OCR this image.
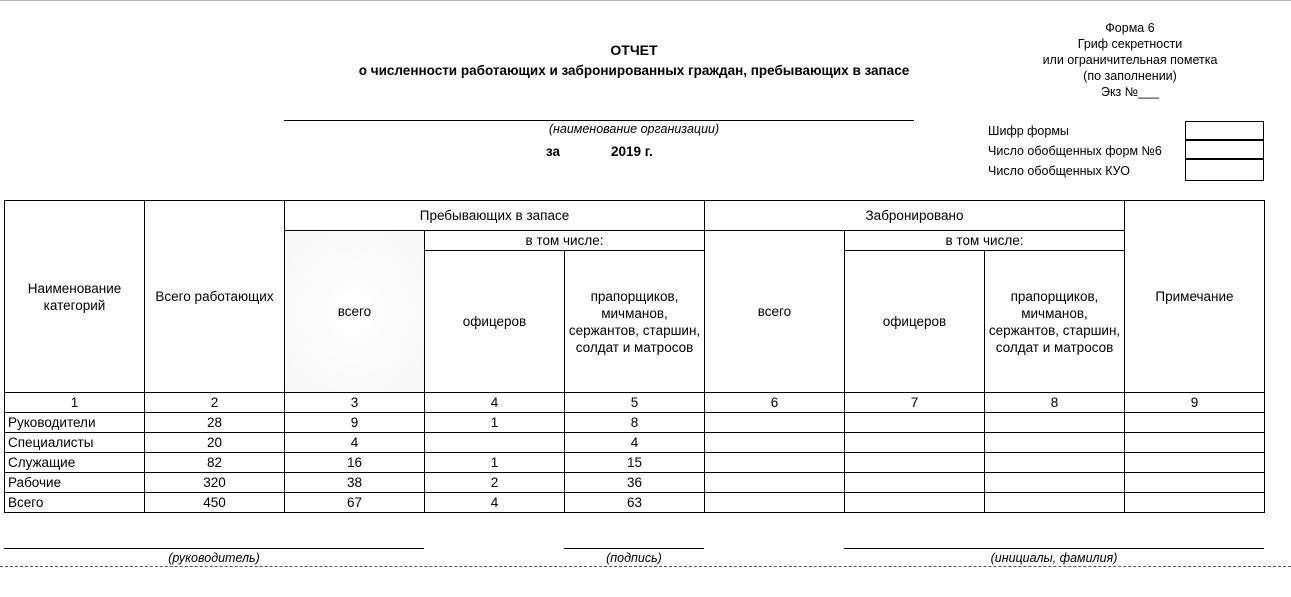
Форма 6
Гриф секретности
или ограничительная пометка
(по заполнении)
Экз №___
ОТЧЕТ
о численности работающих и забронированных граждан, пребывающих в запасе
(наименование организации)
за	2019 г.
Шифр формы
Число обобщенных форм №6
Число обобщенных КУО
Наименование категорий	Всего работающих	Пребывающих в запасе			Забронировано			Примечание
		всего	в том числе:		всего	в том числе:		
			офицеров	прапорщиков, мичманов, сержантов, старшин, солдат и матросов		офицеров	прапорщиков, мичманов, сержантов, старшин, солдат и матросов	
1	2	3	4	5	6	7	8	9
Руководители	28	9	1	8				
Специалисты	20	4		4				
Служащие	82	16	1	15				
Рабочие	320	38	2	36				
Всего	450	67	4	63				
(руководитель)	(подпись)	(инициалы, фамилия)
